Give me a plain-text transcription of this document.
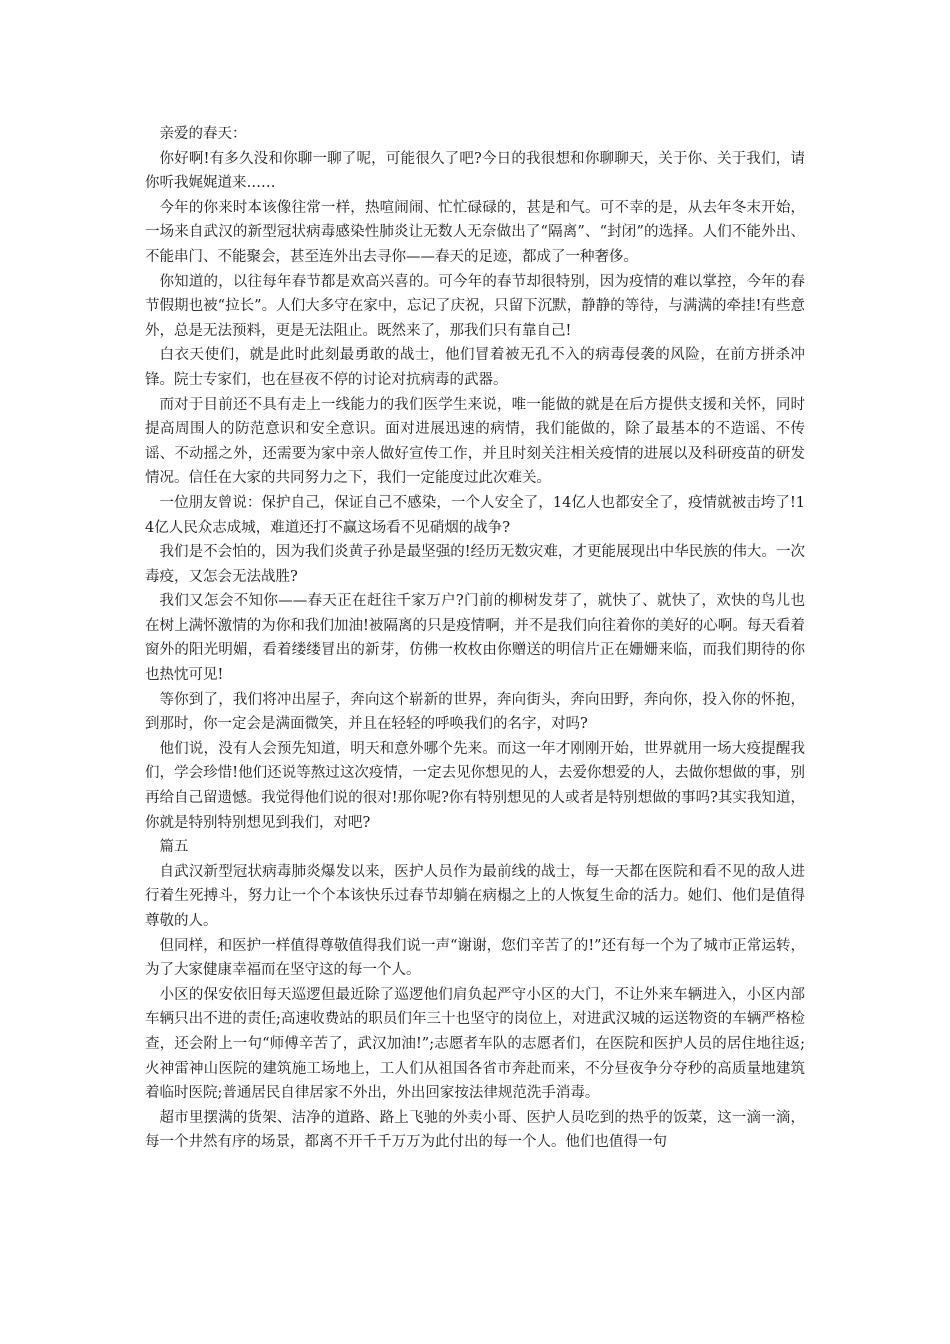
亲爱的春天：

你好啊!有多久没和你聊一聊了呢，可能很久了吧?今日的我很想和你聊聊天，关于你、关于我们，请你听我娓娓道来……

今年的你来时本该像往常一样，热喧闹闹、忙忙碌碌的，甚是和气。可不幸的是，从去年冬末开始，一场来自武汉的新型冠状病毒感染性肺炎让无数人无奈做出了“隔离”、“封闭”的选择。人们不能外出、不能串门、不能聚会，甚至连外出去寻你——春天的足迹，都成了一种奢侈。

你知道的，以往每年春节都是欢高兴喜的。可今年的春节却很特别，因为疫情的难以掌控，今年的春节假期也被“拉长”。人们大多守在家中，忘记了庆祝，只留下沉默，静静的等待，与满满的牵挂!有些意外，总是无法预料，更是无法阻止。既然来了，那我们只有靠自己!

白衣天使们，就是此时此刻最勇敢的战士，他们冒着被无孔不入的病毒侵袭的风险，在前方拼杀冲锋。院士专家们，也在昼夜不停的讨论对抗病毒的武器。

而对于目前还不具有走上一线能力的我们医学生来说，唯一能做的就是在后方提供支援和关怀，同时提高周围人的防范意识和安全意识。面对进展迅速的病情，我们能做的，除了最基本的不造谣、不传谣、不动摇之外，还需要为家中亲人做好宣传工作，并且时刻关注相关疫情的进展以及科研疫苗的研发情况。信任在大家的共同努力之下，我们一定能度过此次难关。

一位朋友曾说：保护自己，保证自己不感染，一个人安全了，14亿人也都安全了，疫情就被击垮了!14亿人民众志成城，难道还打不赢这场看不见硝烟的战争?

我们是不会怕的，因为我们炎黄子孙是最坚强的!经历无数灾难，才更能展现出中华民族的伟大。一次毒疫，又怎会无法战胜?

我们又怎会不知你——春天正在赶往千家万户?门前的柳树发芽了，就快了、就快了，欢快的鸟儿也在树上满怀激情的为你和我们加油!被隔离的只是疫情啊，并不是我们向往着你的美好的心啊。每天看着窗外的阳光明媚，看着缕缕冒出的新芽，仿佛一枚枚由你赠送的明信片正在姗姗来临，而我们期待的你也热忱可见!

等你到了，我们将冲出屋子，奔向这个崭新的世界，奔向街头，奔向田野，奔向你，投入你的怀抱，到那时，你一定会是满面微笑，并且在轻轻的呼唤我们的名字，对吗?

他们说，没有人会预先知道，明天和意外哪个先来。而这一年才刚刚开始，世界就用一场大疫提醒我们，学会珍惜!他们还说等熬过这次疫情，一定去见你想见的人，去爱你想爱的人，去做你想做的事，别再给自己留遗憾。我觉得他们说的很对!那你呢?你有特别想见的人或者是特别想做的事吗?其实我知道，你就是特别特别想见到我们，对吧?

篇五

自武汉新型冠状病毒肺炎爆发以来，医护人员作为最前线的战士，每一天都在医院和看不见的敌人进行着生死搏斗，努力让一个个本该快乐过春节却躺在病榻之上的人恢复生命的活力。她们、他们是值得尊敬的人。

但同样，和医护一样值得尊敬值得我们说一声“谢谢，您们辛苦了的!”还有每一个为了城市正常运转，为了大家健康幸福而在坚守这的每一个人。

小区的保安依旧每天巡逻但最近除了巡逻他们肩负起严守小区的大门，不让外来车辆进入，小区内部车辆只出不进的责任;高速收费站的职员们年三十也坚守的岗位上，对进武汉城的运送物资的车辆严格检查，还会附上一句“师傅辛苦了，武汉加油!”;志愿者车队的志愿者们，在医院和医护人员的居住地往返;火神雷神山医院的建筑施工场地上，工人们从祖国各省市奔赴而来，不分昼夜争分夺秒的高质量地建筑着临时医院;普通居民自律居家不外出，外出回家按法律规范洗手消毒。

超市里摆满的货架、洁净的道路、路上飞驰的外卖小哥、医护人员吃到的热乎的饭菜，这一滴一滴，每一个井然有序的场景，都离不开千千万万为此付出的每一个人。他们也值得一句
